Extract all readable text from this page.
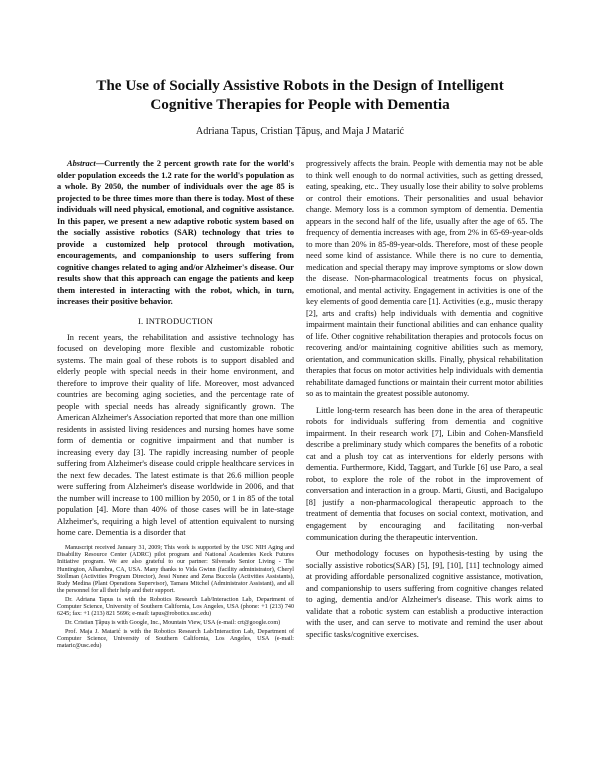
The Use of Socially Assistive Robots in the Design of Intelligent
Cognitive Therapies for People with Dementia
Adriana Tapus, Cristian Țăpuș, and Maja J Matarić

Abstract—Currently the 2 percent growth rate for the world's older population exceeds the 1.2 rate for the world's population as a whole. By 2050, the number of individuals over the age 85 is projected to be three times more than there is today. Most of these individuals will need physical, emotional, and cognitive assistance. In this paper, we present a new adaptive robotic system based on the socially assistive robotics (SAR) technology that tries to provide a customized help protocol through motivation, encouragements, and companionship to users suffering from cognitive changes related to aging and/or Alzheimer's disease. Our results show that this approach can engage the patients and keep them interested in interacting with the robot, which, in turn, increases their positive behavior.

I. INTRODUCTION

In recent years, the rehabilitation and assistive technology has focused on developing more flexible and customizable robotic systems. The main goal of these robots is to support disabled and elderly people with special needs in their home environment, and therefore to improve their quality of life. Moreover, most advanced countries are becoming aging societies, and the percentage rate of people with special needs has already significantly grown. The American Alzheimer's Association reported that more than one million residents in assisted living residences and nursing homes have some form of dementia or cognitive impairment and that number is increasing every day [3]. The rapidly increasing number of people suffering from Alzheimer's disease could cripple healthcare services in the next few decades. The latest estimate is that 26.6 million people were suffering from Alzheimer's disease worldwide in 2006, and that the number will increase to 100 million by 2050, or 1 in 85 of the total population [4]. More than 40% of those cases will be in late-stage Alzheimer's, requiring a high level of attention equivalent to nursing home care. Dementia is a disorder that

Manuscript received January 31, 2009; This work is supported by the USC NIH Aging and Disability Resource Center (ADRC) pilot program and National Academies Keck Futures Initiative program. We are also grateful to our partner: Silverado Senior Living - The Huntington, Alhambra, CA, USA. Many thanks to Vida Gwinn (facility administrator), Cheryl Stollman (Activities Program Director), Jessi Nunez and Zena Buccola (Activities Assistants), Rudy Medina (Plant Operations Supervisor), Tamara Mitchel (Administrator Assistant), and all the personnel for all their help and their support.

Dr. Adriana Tapus is with the Robotics Research Lab/Interaction Lab, Department of Computer Science, University of Southern California, Los Angeles, USA (phone: +1 (213) 740 6245; fax: +1 (213) 821 5696; e-mail: tapus@robotics.usc.edu)

Dr. Cristian Țăpuș is with Google, Inc., Mountain View, USA (e-mail: crt@google.com)

Prof. Maja J. Matarić is with the Robotics Research Lab/Interaction Lab, Department of Computer Science, University of Southern California, Los Angeles, USA (e-mail: mataric@usc.edu)

progressively affects the brain. People with dementia may not be able to think well enough to do normal activities, such as getting dressed, eating, speaking, etc.. They usually lose their ability to solve problems or control their emotions. Their personalities and usual behavior change. Memory loss is a common symptom of dementia. Dementia appears in the second half of the life, usually after the age of 65. The frequency of dementia increases with age, from 2% in 65-69-year-olds to more than 20% in 85-89-year-olds. Therefore, most of these people need some kind of assistance. While there is no cure to dementia, medication and special therapy may improve symptoms or slow down the disease. Non-pharmacological treatments focus on physical, emotional, and mental activity. Engagement in activities is one of the key elements of good dementia care [1]. Activities (e.g., music therapy [2], arts and crafts) help individuals with dementia and cognitive impairment maintain their functional abilities and can enhance quality of life. Other cognitive rehabilitation therapies and protocols focus on recovering and/or maintaining cognitive abilities such as memory, orientation, and communication skills. Finally, physical rehabilitation therapies that focus on motor activities help individuals with dementia rehabilitate damaged functions or maintain their current motor abilities so as to maintain the greatest possible autonomy.

Little long-term research has been done in the area of therapeutic robots for individuals suffering from dementia and cognitive impairment. In their research work [7], Libin and Cohen-Mansfield describe a preliminary study which compares the benefits of a robotic cat and a plush toy cat as interventions for elderly persons with dementia. Furthermore, Kidd, Taggart, and Turkle [6] use Paro, a seal robot, to explore the role of the robot in the improvement of conversation and interaction in a group. Marti, Giusti, and Bacigalupo [8] justify a non-pharmacological therapeutic approach to the treatment of dementia that focuses on social context, motivation, and engagement by encouraging and facilitating non-verbal communication during the therapeutic intervention.

Our methodology focuses on hypothesis-testing by using the socially assistive robotics(SAR) [5], [9], [10], [11] technology aimed at providing affordable personalized cognitive assistance, motivation, and companionship to users suffering from cognitive changes related to aging, dementia and/or Alzheimer's disease. This work aims to validate that a robotic system can establish a productive interaction with the user, and can serve to motivate and remind the user about specific tasks/cognitive exercises.
